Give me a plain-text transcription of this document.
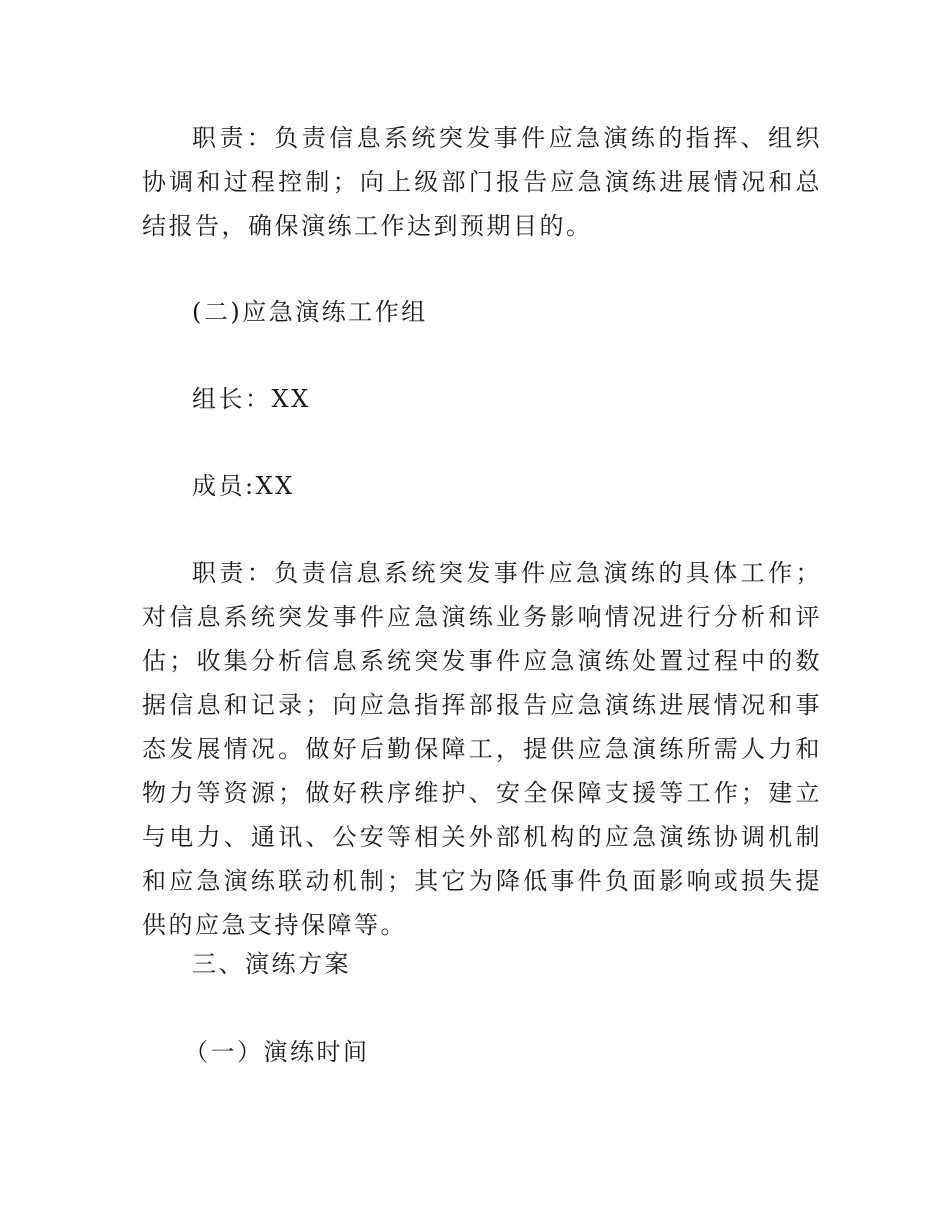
职责：负责信息系统突发事件应急演练的指挥、组织协调和过程控制；向上级部门报告应急演练进展情况和总结报告，确保演练工作达到预期目的。

(二)应急演练工作组

组长：XX

成员:XX

职责：负责信息系统突发事件应急演练的具体工作；对信息系统突发事件应急演练业务影响情况进行分析和评估；收集分析信息系统突发事件应急演练处置过程中的数据信息和记录；向应急指挥部报告应急演练进展情况和事态发展情况。做好后勤保障工，提供应急演练所需人力和物力等资源；做好秩序维护、安全保障支援等工作；建立与电力、通讯、公安等相关外部机构的应急演练协调机制和应急演练联动机制；其它为降低事件负面影响或损失提供的应急支持保障等。

三、演练方案

（一）演练时间
